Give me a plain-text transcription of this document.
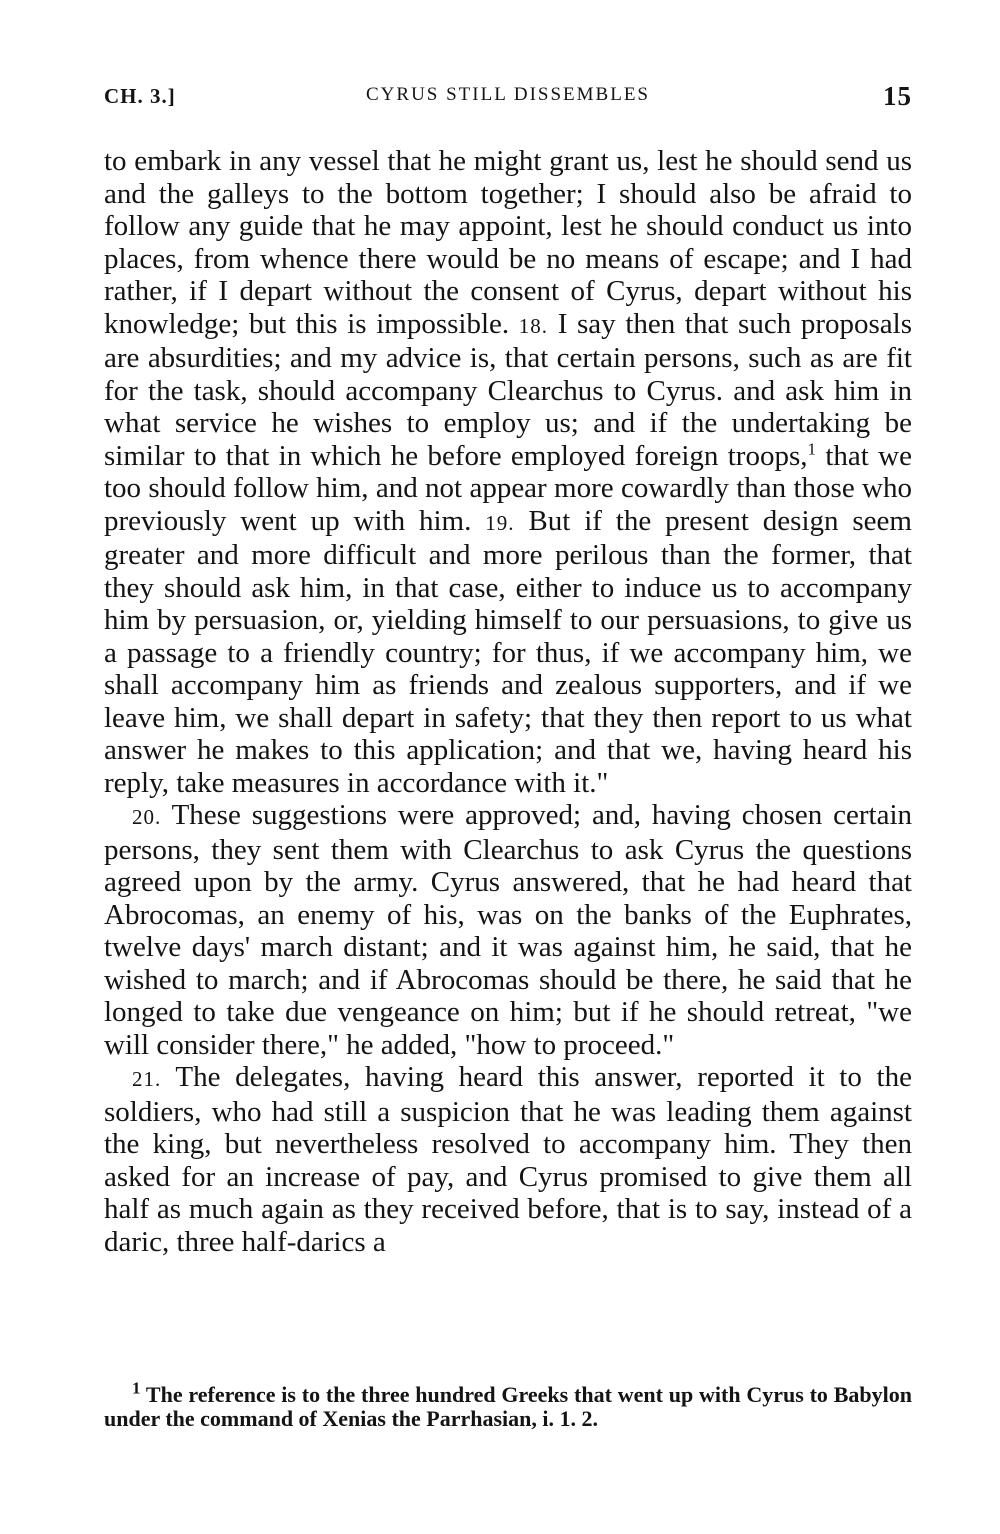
CH. 3.]	CYRUS STILL DISSEMBLES	15

to embark in any vessel that he might grant us, lest he should send us and the galleys to the bottom together; I should also be afraid to follow any guide that he may appoint, lest he should conduct us into places, from whence there would be no means of escape; and I had rather, if I depart without the consent of Cyrus, depart without his knowledge; but this is impossible. 18. I say then that such proposals are absurdities; and my advice is, that certain persons, such as are fit for the task, should accompany Clearchus to Cyrus. and ask him in what service he wishes to employ us; and if the undertaking be similar to that in which he before employed foreign troops,$^1$ that we too should follow him, and not appear more cowardly than those who previously went up with him. 19. But if the present design seem greater and more difficult and more perilous than the former, that they should ask him, in that case, either to induce us to accompany him by persuasion, or, yielding himself to our persuasions, to give us a passage to a friendly country; for thus, if we accompany him, we shall accompany him as friends and zealous supporters, and if we leave him, we shall depart in safety; that they then report to us what answer he makes to this application; and that we, having heard his reply, take measures in accordance with it."

20. These suggestions were approved; and, having chosen certain persons, they sent them with Clearchus to ask Cyrus the questions agreed upon by the army. Cyrus answered, that he had heard that Abrocomas, an enemy of his, was on the banks of the Euphrates, twelve days' march distant; and it was against him, he said, that he wished to march; and if Abrocomas should be there, he said that he longed to take due vengeance on him; but if he should retreat, "we will consider there," he added, "how to proceed."

21. The delegates, having heard this answer, reported it to the soldiers, who had still a suspicion that he was leading them against the king, but nevertheless resolved to accompany him. They then asked for an increase of pay, and Cyrus promised to give them all half as much again as they received before, that is to say, instead of a daric, three half-darics a

$^1$ The reference is to the three hundred Greeks that went up with Cyrus to Babylon under the command of Xenias the Parrhasian, i. 1. 2.
